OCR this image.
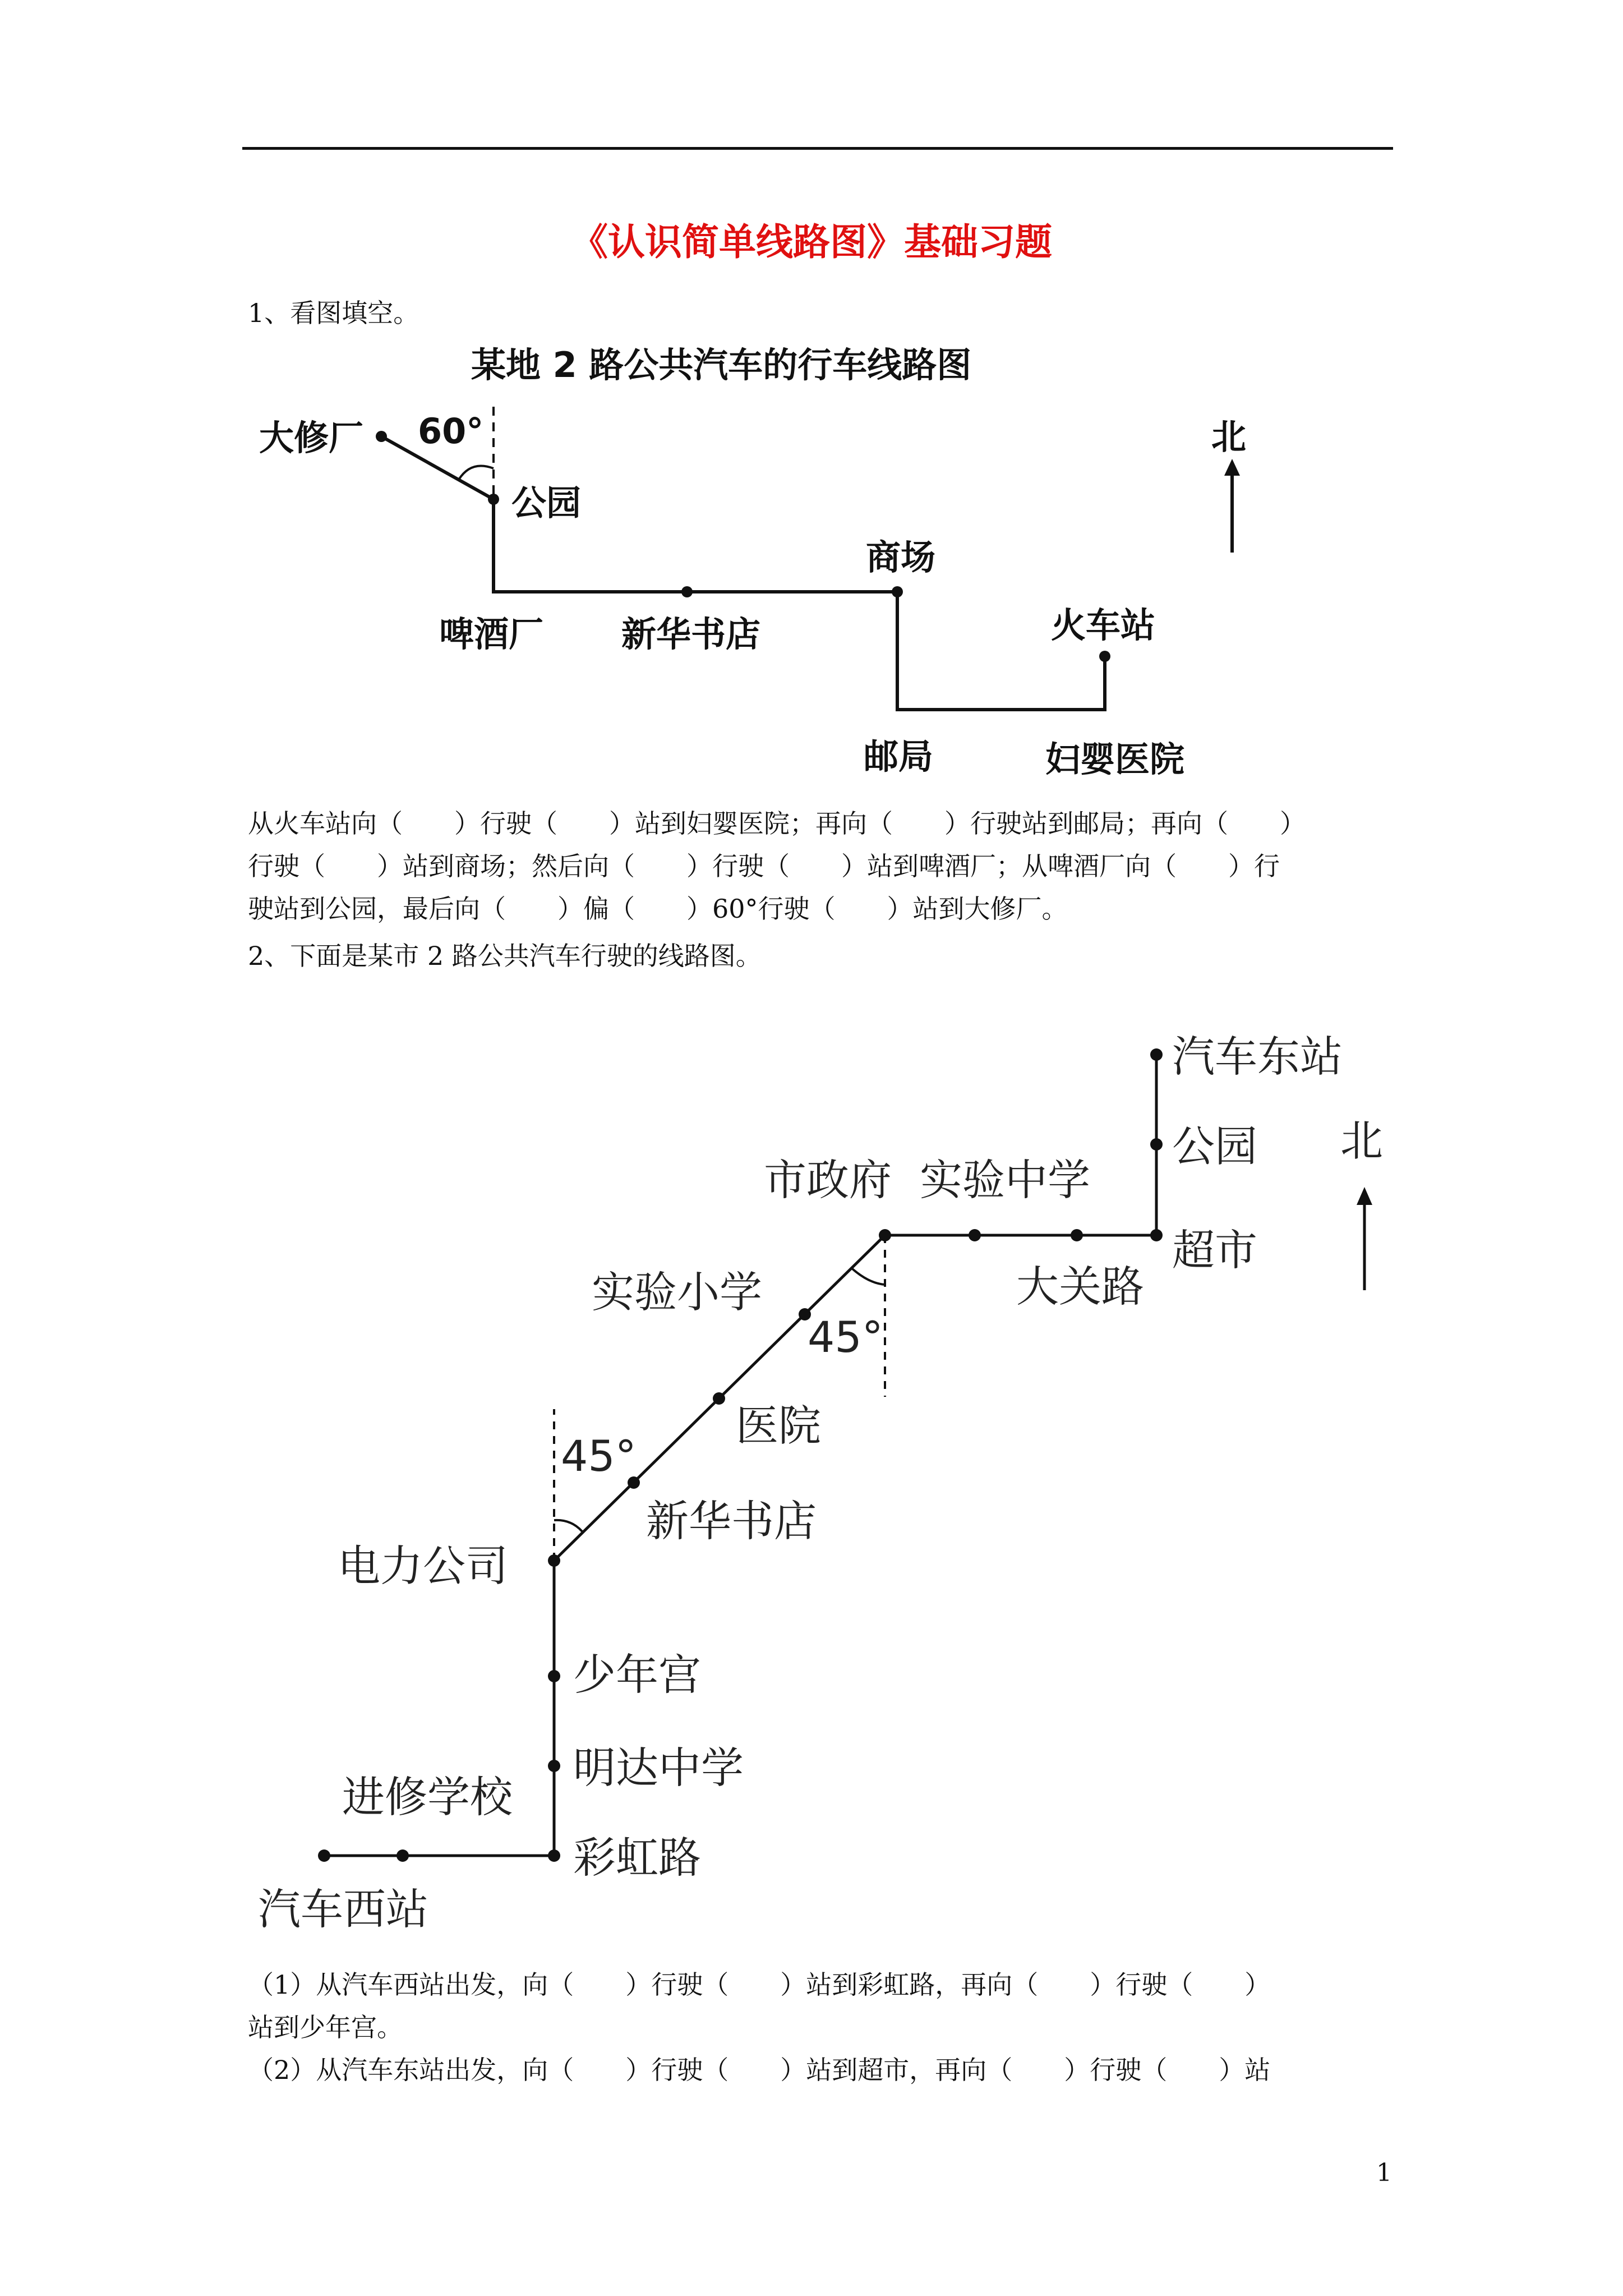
《认识简单线路图》基础习题
1、看图填空。
某地 2 路公共汽车的行车线路图
北
60°
大修厂
公园
啤酒厂 新华书店
商场
邮局	妇婴医院
火车站
从火车站向（　　）行驶（　　）站到妇婴医院；再向（　　）行驶站到邮局；再向（　　）
行驶（　　）站到商场；然后向（　　）行驶（　　）站到啤酒厂；从啤酒厂向（　　）行
驶站到公园，最后向（　　）偏（　　）60°行驶（　　）站到大修厂。
2、下面是某市 2 路公共汽车行驶的线路图。
北
45°
45°
汽车东站
公园
超市
大关路
市政府 实验中学
实验小学
医院
新华书店
电力公司
少年宫
明达中学
彩虹路
进修学校
汽车西站
（1）从汽车西站出发，向（　　）行驶（　　）站到彩虹路，再向（　　）行驶（　　）
站到少年宫。
（2）从汽车东站出发，向（　　）行驶（　　）站到超市，再向（　　）行驶（　　）站
1
